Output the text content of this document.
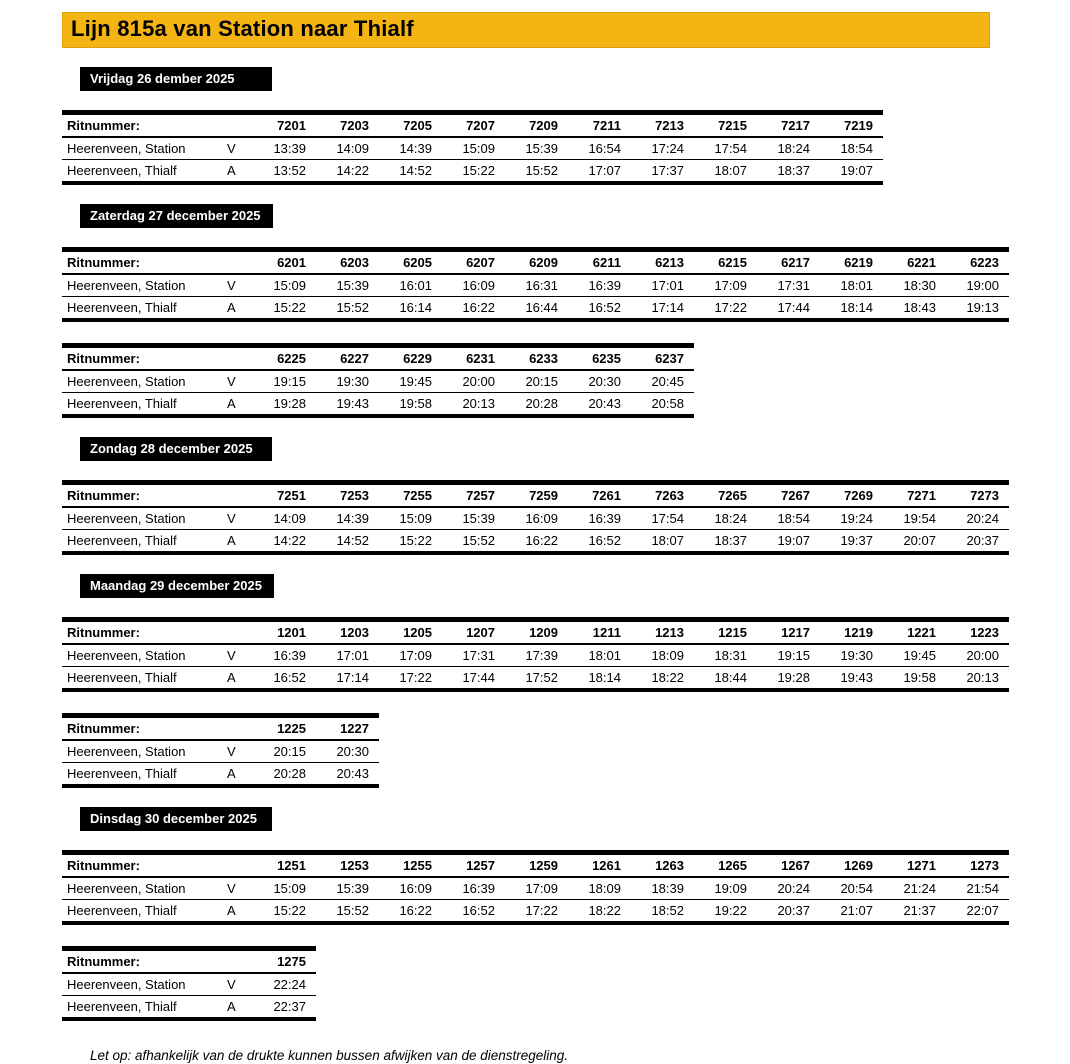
Lijn 815a van Station naar Thialf
Vrijdag 26 dember 2025
Ritnummer:		7201	7203	7205	7207	7209	7211	7213	7215	7217	7219
Heerenveen, Station	V	13:39	14:09	14:39	15:09	15:39	16:54	17:24	17:54	18:24	18:54
Heerenveen, Thialf	A	13:52	14:22	14:52	15:22	15:52	17:07	17:37	18:07	18:37	19:07
Zaterdag 27 december 2025
Ritnummer:		6201	6203	6205	6207	6209	6211	6213	6215	6217	6219	6221	6223
Heerenveen, Station	V	15:09	15:39	16:01	16:09	16:31	16:39	17:01	17:09	17:31	18:01	18:30	19:00
Heerenveen, Thialf	A	15:22	15:52	16:14	16:22	16:44	16:52	17:14	17:22	17:44	18:14	18:43	19:13
Ritnummer:		6225	6227	6229	6231	6233	6235	6237
Heerenveen, Station	V	19:15	19:30	19:45	20:00	20:15	20:30	20:45
Heerenveen, Thialf	A	19:28	19:43	19:58	20:13	20:28	20:43	20:58
Zondag 28 december 2025
Ritnummer:		7251	7253	7255	7257	7259	7261	7263	7265	7267	7269	7271	7273
Heerenveen, Station	V	14:09	14:39	15:09	15:39	16:09	16:39	17:54	18:24	18:54	19:24	19:54	20:24
Heerenveen, Thialf	A	14:22	14:52	15:22	15:52	16:22	16:52	18:07	18:37	19:07	19:37	20:07	20:37
Maandag 29 december 2025
Ritnummer:		1201	1203	1205	1207	1209	1211	1213	1215	1217	1219	1221	1223
Heerenveen, Station	V	16:39	17:01	17:09	17:31	17:39	18:01	18:09	18:31	19:15	19:30	19:45	20:00
Heerenveen, Thialf	A	16:52	17:14	17:22	17:44	17:52	18:14	18:22	18:44	19:28	19:43	19:58	20:13
Ritnummer:		1225	1227
Heerenveen, Station	V	20:15	20:30
Heerenveen, Thialf	A	20:28	20:43
Dinsdag 30 december 2025
Ritnummer:		1251	1253	1255	1257	1259	1261	1263	1265	1267	1269	1271	1273
Heerenveen, Station	V	15:09	15:39	16:09	16:39	17:09	18:09	18:39	19:09	20:24	20:54	21:24	21:54
Heerenveen, Thialf	A	15:22	15:52	16:22	16:52	17:22	18:22	18:52	19:22	20:37	21:07	21:37	22:07
Ritnummer:		1275
Heerenveen, Station	V	22:24
Heerenveen, Thialf	A	22:37

Let op: afhankelijk van de drukte kunnen bussen afwijken van de dienstregeling.
